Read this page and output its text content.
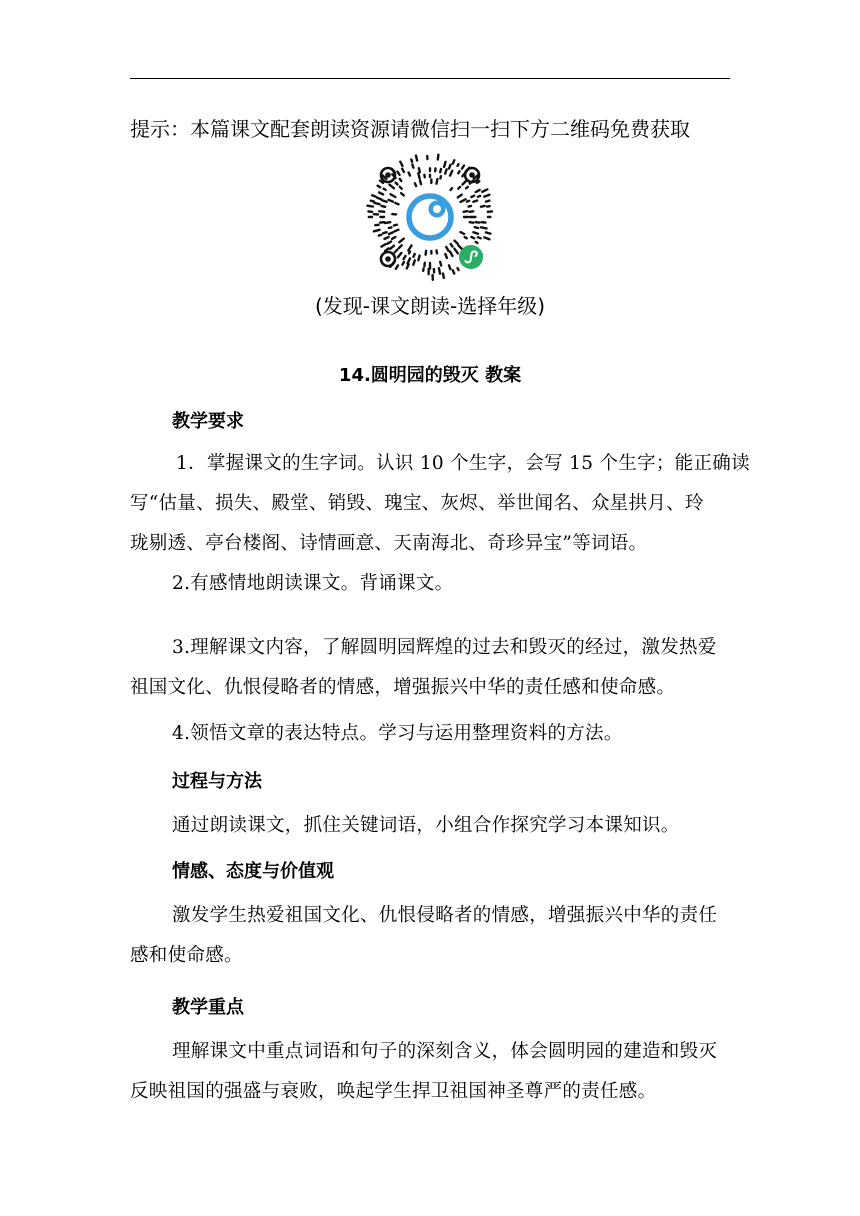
提示：本篇课文配套朗读资源请微信扫一扫下方二维码免费获取
(发现-课文朗读-选择年级)
14.圆明园的毁灭 教案
教学要求
1．掌握课文的生字词。认识 10 个生字，会写 15 个生字；能正确读
写“估量、损失、殿堂、销毁、瑰宝、灰烬、举世闻名、众星拱月、玲
珑剔透、亭台楼阁、诗情画意、天南海北、奇珍异宝”等词语。
2.有感情地朗读课文。背诵课文。
3.理解课文内容，了解圆明园辉煌的过去和毁灭的经过，激发热爱
祖国文化、仇恨侵略者的情感，增强振兴中华的责任感和使命感。
4.领悟文章的表达特点。学习与运用整理资料的方法。
过程与方法
通过朗读课文，抓住关键词语，小组合作探究学习本课知识。
情感、态度与价值观
激发学生热爱祖国文化、仇恨侵略者的情感，增强振兴中华的责任
感和使命感。
教学重点
理解课文中重点词语和句子的深刻含义，体会圆明园的建造和毁灭
反映祖国的强盛与衰败，唤起学生捍卫祖国神圣尊严的责任感。
